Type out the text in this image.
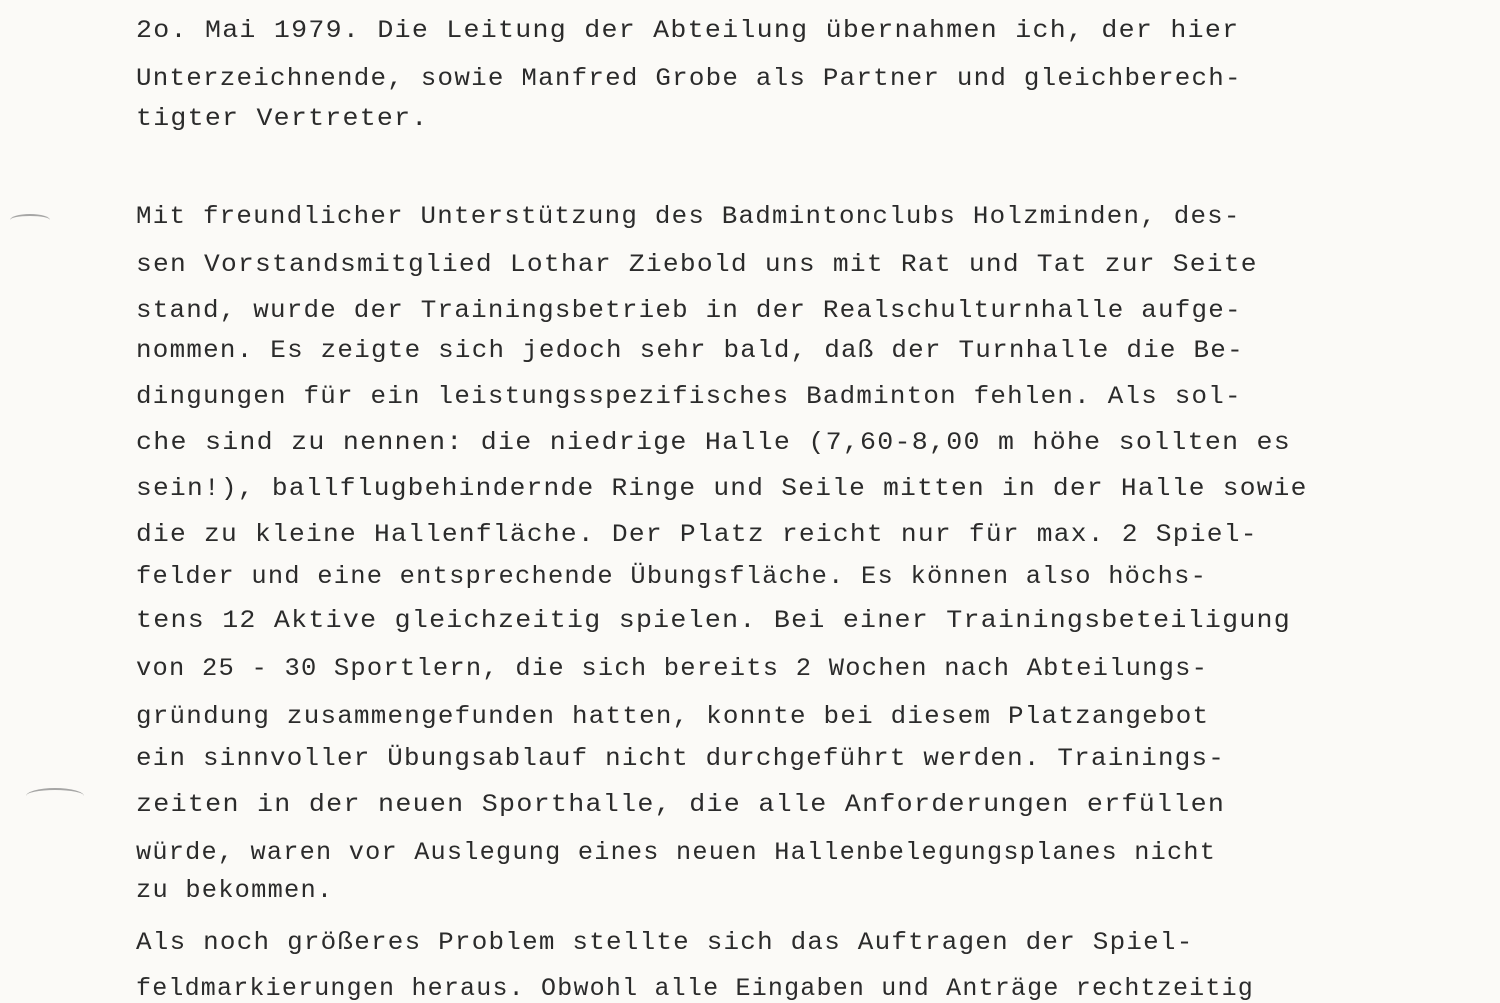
2o. Mai 1979. Die Leitung der Abteilung übernahmen ich, der hier
Unterzeichnende, sowie Manfred Grobe als Partner und gleichberech-
tigter Vertreter.
Mit freundlicher Unterstützung des Badmintonclubs Holzminden, des-
sen Vorstandsmitglied Lothar Ziebold uns mit Rat und Tat zur Seite
stand, wurde der Trainingsbetrieb in der Realschulturnhalle aufge-
nommen. Es zeigte sich jedoch sehr bald, daß der Turnhalle die Be-
dingungen für ein leistungsspezifisches Badminton fehlen. Als sol-
che sind zu nennen: die niedrige Halle (7,60-8,00 m höhe sollten es
sein!), ballflugbehindernde Ringe und Seile mitten in der Halle sowie
die zu kleine Hallenfläche. Der Platz reicht nur für max. 2 Spiel-
felder und eine entsprechende Übungsfläche. Es können also höchs-
tens 12 Aktive gleichzeitig spielen. Bei einer Trainingsbeteiligung
von 25 - 30 Sportlern, die sich bereits 2 Wochen nach Abteilungs-
gründung zusammengefunden hatten, konnte bei diesem Platzangebot
ein sinnvoller Übungsablauf nicht durchgeführt werden. Trainings-
zeiten in der neuen Sporthalle, die alle Anforderungen erfüllen
würde, waren vor Auslegung eines neuen Hallenbelegungsplanes nicht
zu bekommen.
Als noch größeres Problem stellte sich das Auftragen der Spiel-
feldmarkierungen heraus. Obwohl alle Eingaben und Anträge rechtzeitig
